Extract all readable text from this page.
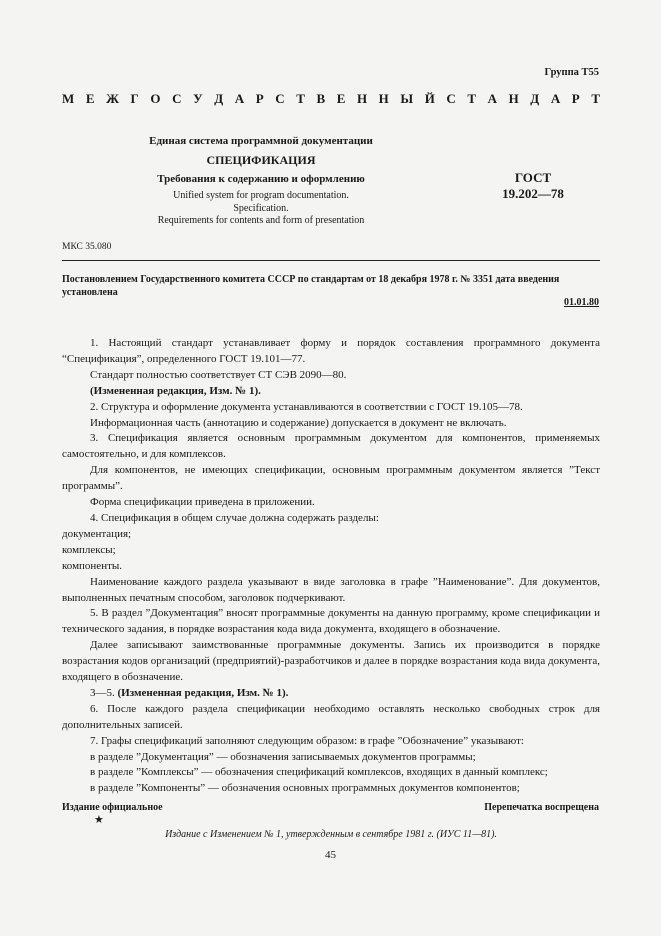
Группа Т55
М Е Ж Г О С У Д А Р С Т В Е Н Н Ы Й С Т А Н Д А Р Т
Единая система программной документации
СПЕЦИФИКАЦИЯ
Требования к содержанию и оформлению
Unified system for program documentation.
Specification.
Requirements for contents and form of presentation
ГОСТ
19.202—78
МКС 35.080
Постановлением Государственного комитета СССР по стандартам от 18 декабря 1978 г. № 3351 дата введения установлена
01.01.80

1. Настоящий стандарт устанавливает форму и порядок составления программного документа “Спецификация”, определенного ГОСТ 19.101—77.

Стандарт полностью соответствует СТ СЭВ 2090—80.

(Измененная редакция, Изм. № 1).

2. Структура и оформление документа устанавливаются в соответствии с ГОСТ 19.105—78.

Информационная часть (аннотацию и содержание) допускается в документ не включать.

3. Спецификация является основным программным документом для компонентов, применяемых самостоятельно, и для комплексов.

Для компонентов, не имеющих спецификации, основным программным документом является ”Текст программы”.

Форма спецификации приведена в приложении.

4. Спецификация в общем случае должна содержать разделы:

документация;

комплексы;

компоненты.

Наименование каждого раздела указывают в виде заголовка в графе ”Наименование”. Для документов, выполненных печатным способом, заголовок подчеркивают.

5. В раздел ”Документация” вносят программные документы на данную программу, кроме спецификации и технического задания, в порядке возрастания кода вида документа, входящего в обозначение.

Далее записывают заимствованные программные документы. Запись их производится в порядке возрастания кодов организаций (предприятий)-разработчиков и далее в порядке возрастания кода вида документа, входящего в обозначение.

3—5. (Измененная редакция, Изм. № 1).

6. После каждого раздела спецификации необходимо оставлять несколько свободных строк для дополнительных записей.

7. Графы спецификаций заполняют следующим образом: в графе ”Обозначение” указывают:

в разделе ”Документация” — обозначения записываемых документов программы;

в разделе ”Комплексы” — обозначения спецификаций комплексов, входящих в данный комплекс;

в разделе ”Компоненты” — обозначения основных программных документов компонентов;

Издание официальное
★
Перепечатка воспрещена
Издание с Изменением № 1, утвержденным в сентябре 1981 г. (ИУС 11—81).
45
